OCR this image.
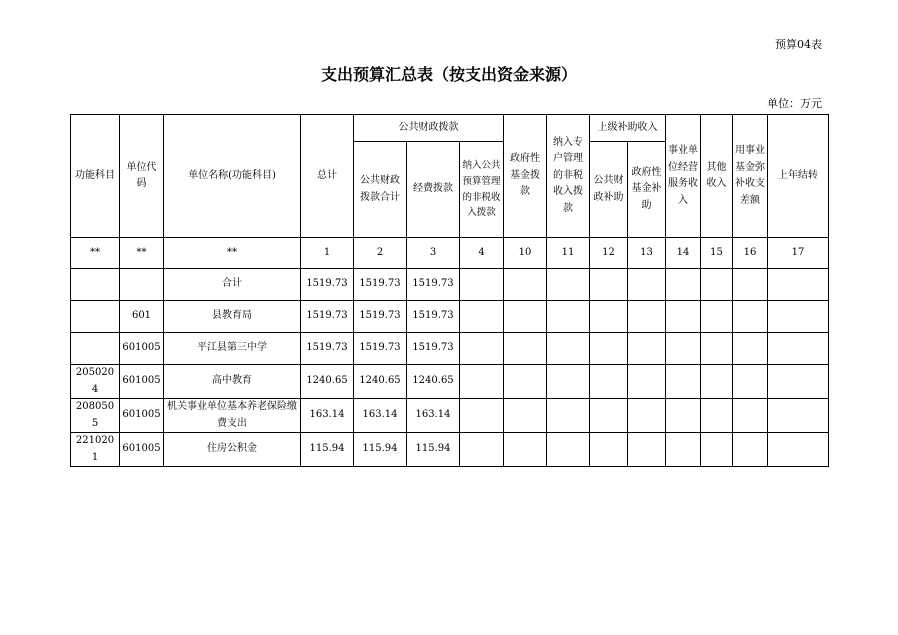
预算04表
支出预算汇总表（按支出资金来源）
单位：万元
功能科目	单位代码	单位名称(功能科目)	总计	公共财政拨款			政府性基金拨款	纳入专户管理的非税收入拨款	上级补助收入		事业单位经营服务收入	其他收入	用事业基金弥补收支差额	上年结转
				公共财政拨款合计	经费拨款	纳入公共预算管理的非税收入拨款			公共财政补助	政府性基金补助				
**	**	**	1	2	3	4	10	11	12	13	14	15	16	17
		合计	1519.73	1519.73	1519.73									
	601	县教育局	1519.73	1519.73	1519.73									
	601005	平江县第三中学	1519.73	1519.73	1519.73									
2050204	601005	高中教育	1240.65	1240.65	1240.65									
2080505	601005	机关事业单位基本养老保险缴费支出	163.14	163.14	163.14									
2210201	601005	住房公积金	115.94	115.94	115.94									
